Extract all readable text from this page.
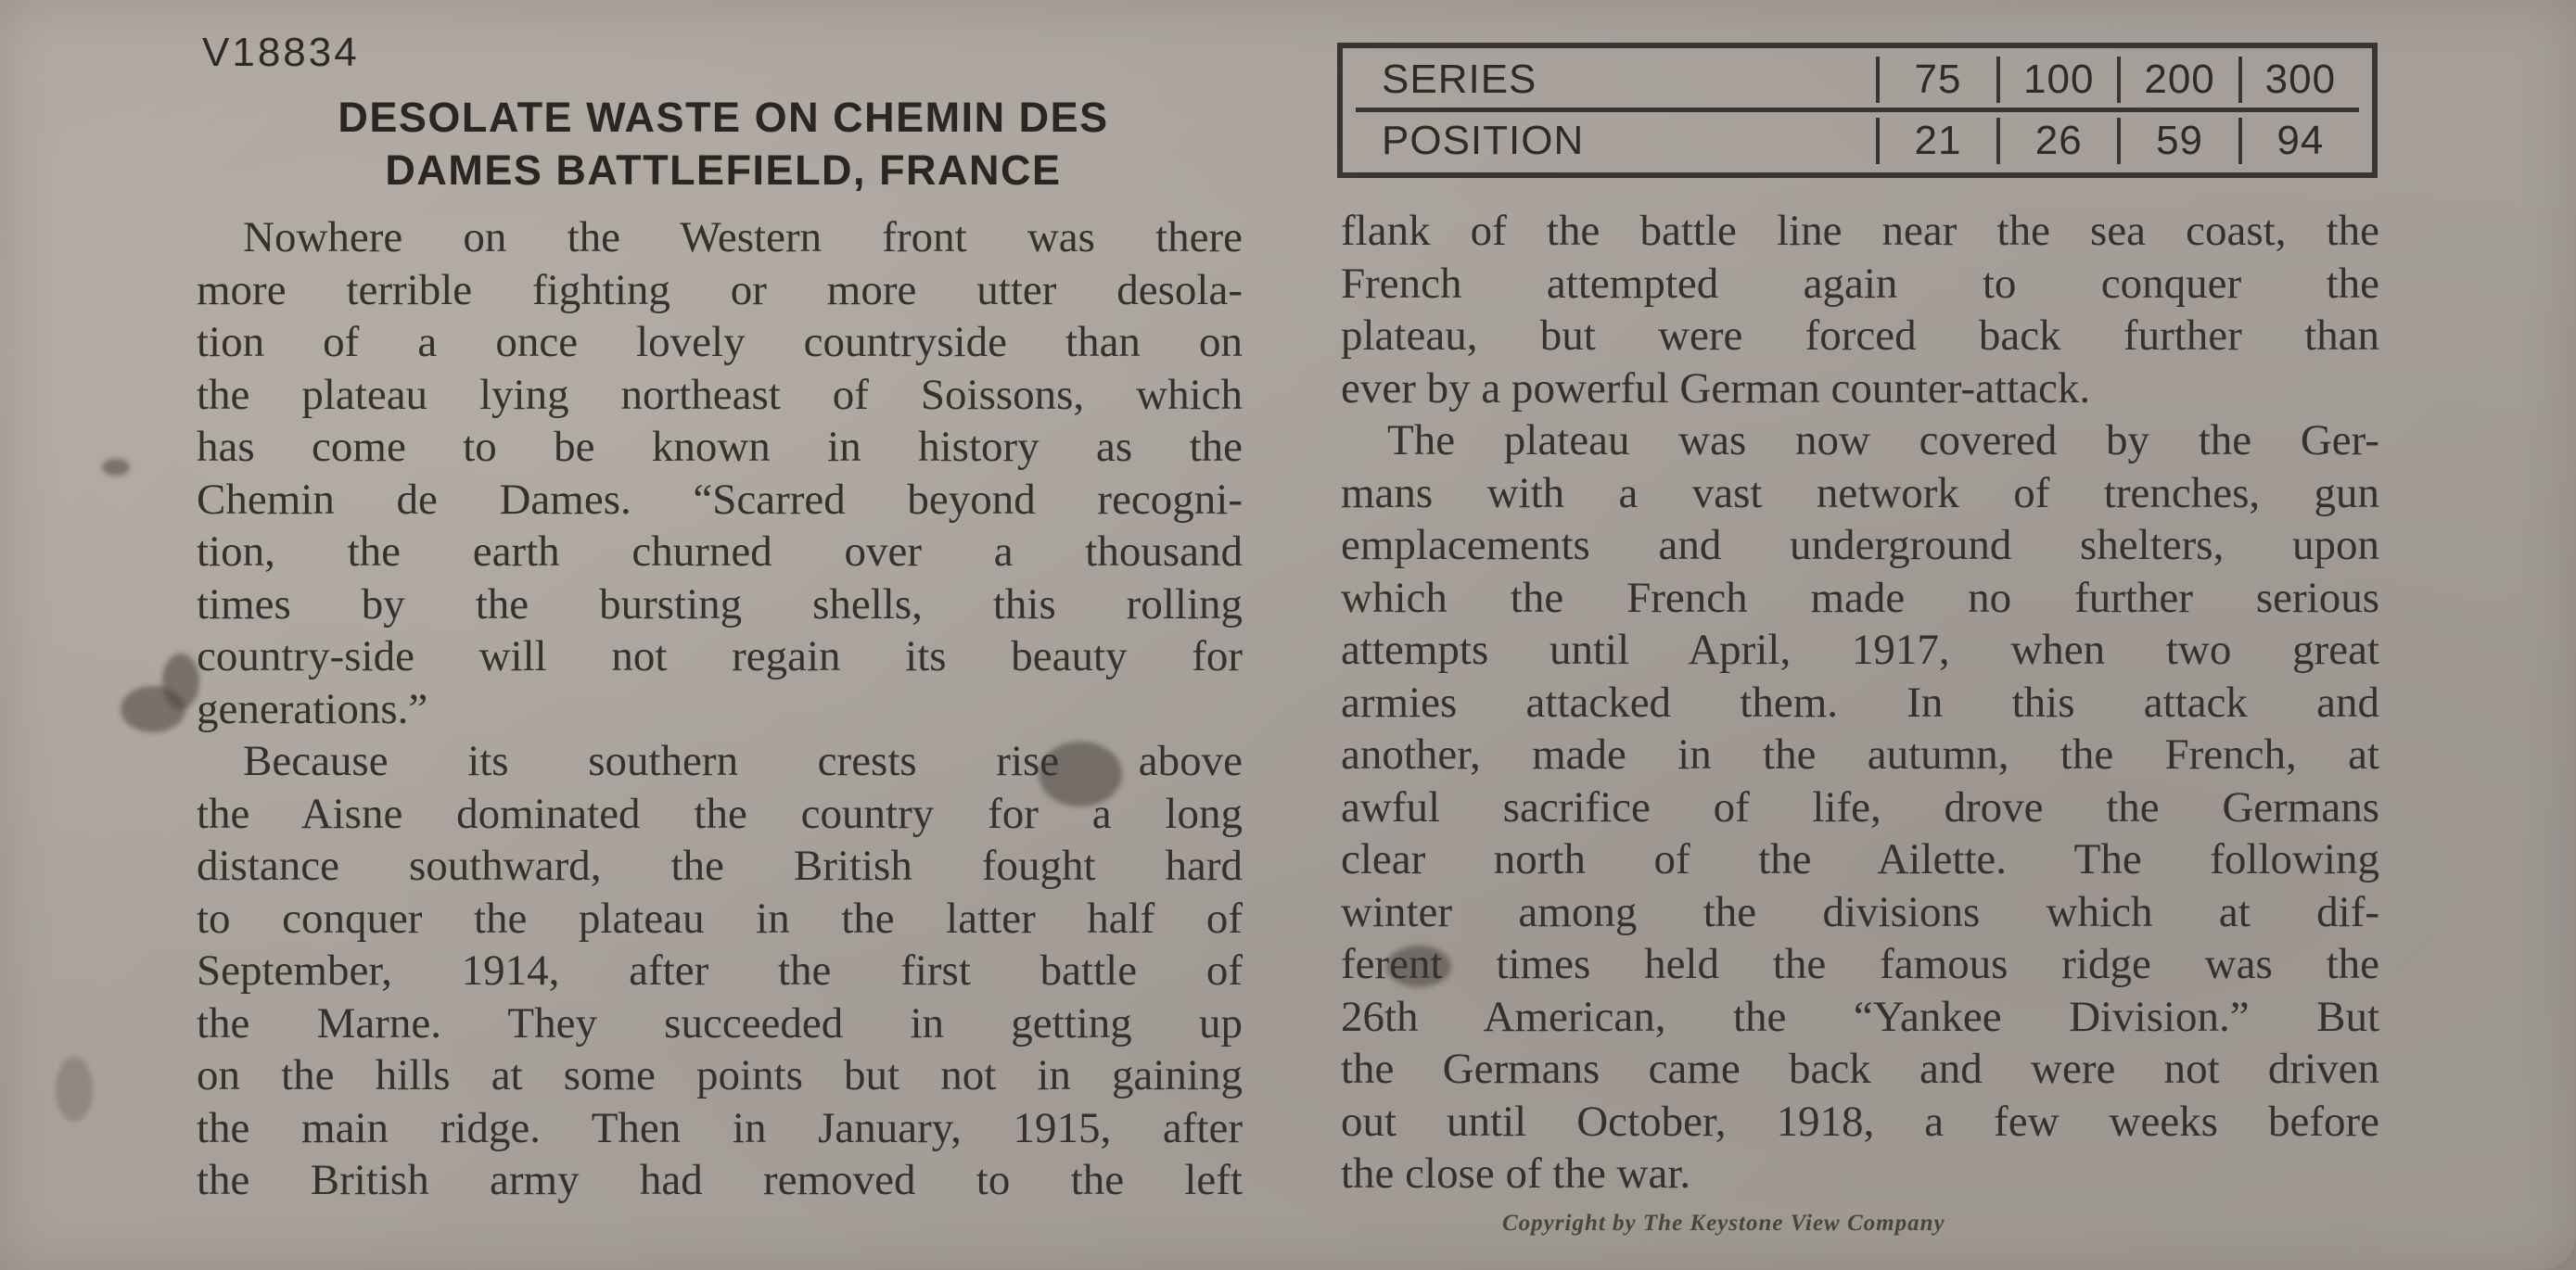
V18834
DESOLATE WASTE ON CHEMIN DES
DAMES BATTLEFIELD, FRANCE
SERIES	75	100	200	300
POSITION	21	26	59	94
Nowhere on the Western front was there
more terrible fighting or more utter desola-
tion of a once lovely countryside than on
the plateau lying northeast of Soissons, which
has come to be known in history as the
Chemin de Dames. “Scarred beyond recogni-
tion, the earth churned over a thousand
times by the bursting shells, this rolling
country-side will not regain its beauty for
generations.”
Because its southern crests rise above
the Aisne dominated the country for a long
distance southward, the British fought hard
to conquer the plateau in the latter half of
September, 1914, after the first battle of
the Marne. They succeeded in getting up
on the hills at some points but not in gaining
the main ridge. Then in January, 1915, after
the British army had removed to the left
flank of the battle line near the sea coast, the
French attempted again to conquer the
plateau, but were forced back further than
ever by a powerful German counter-attack.
The plateau was now covered by the Ger-
mans with a vast network of trenches, gun
emplacements and underground shelters, upon
which the French made no further serious
attempts until April, 1917, when two great
armies attacked them. In this attack and
another, made in the autumn, the French, at
awful sacrifice of life, drove the Germans
clear north of the Ailette. The following
winter among the divisions which at dif-
ferent times held the famous ridge was the
26th American, the “Yankee Division.” But
the Germans came back and were not driven
out until October, 1918, a few weeks before
the close of the war.
Copyright by The Keystone View Company
